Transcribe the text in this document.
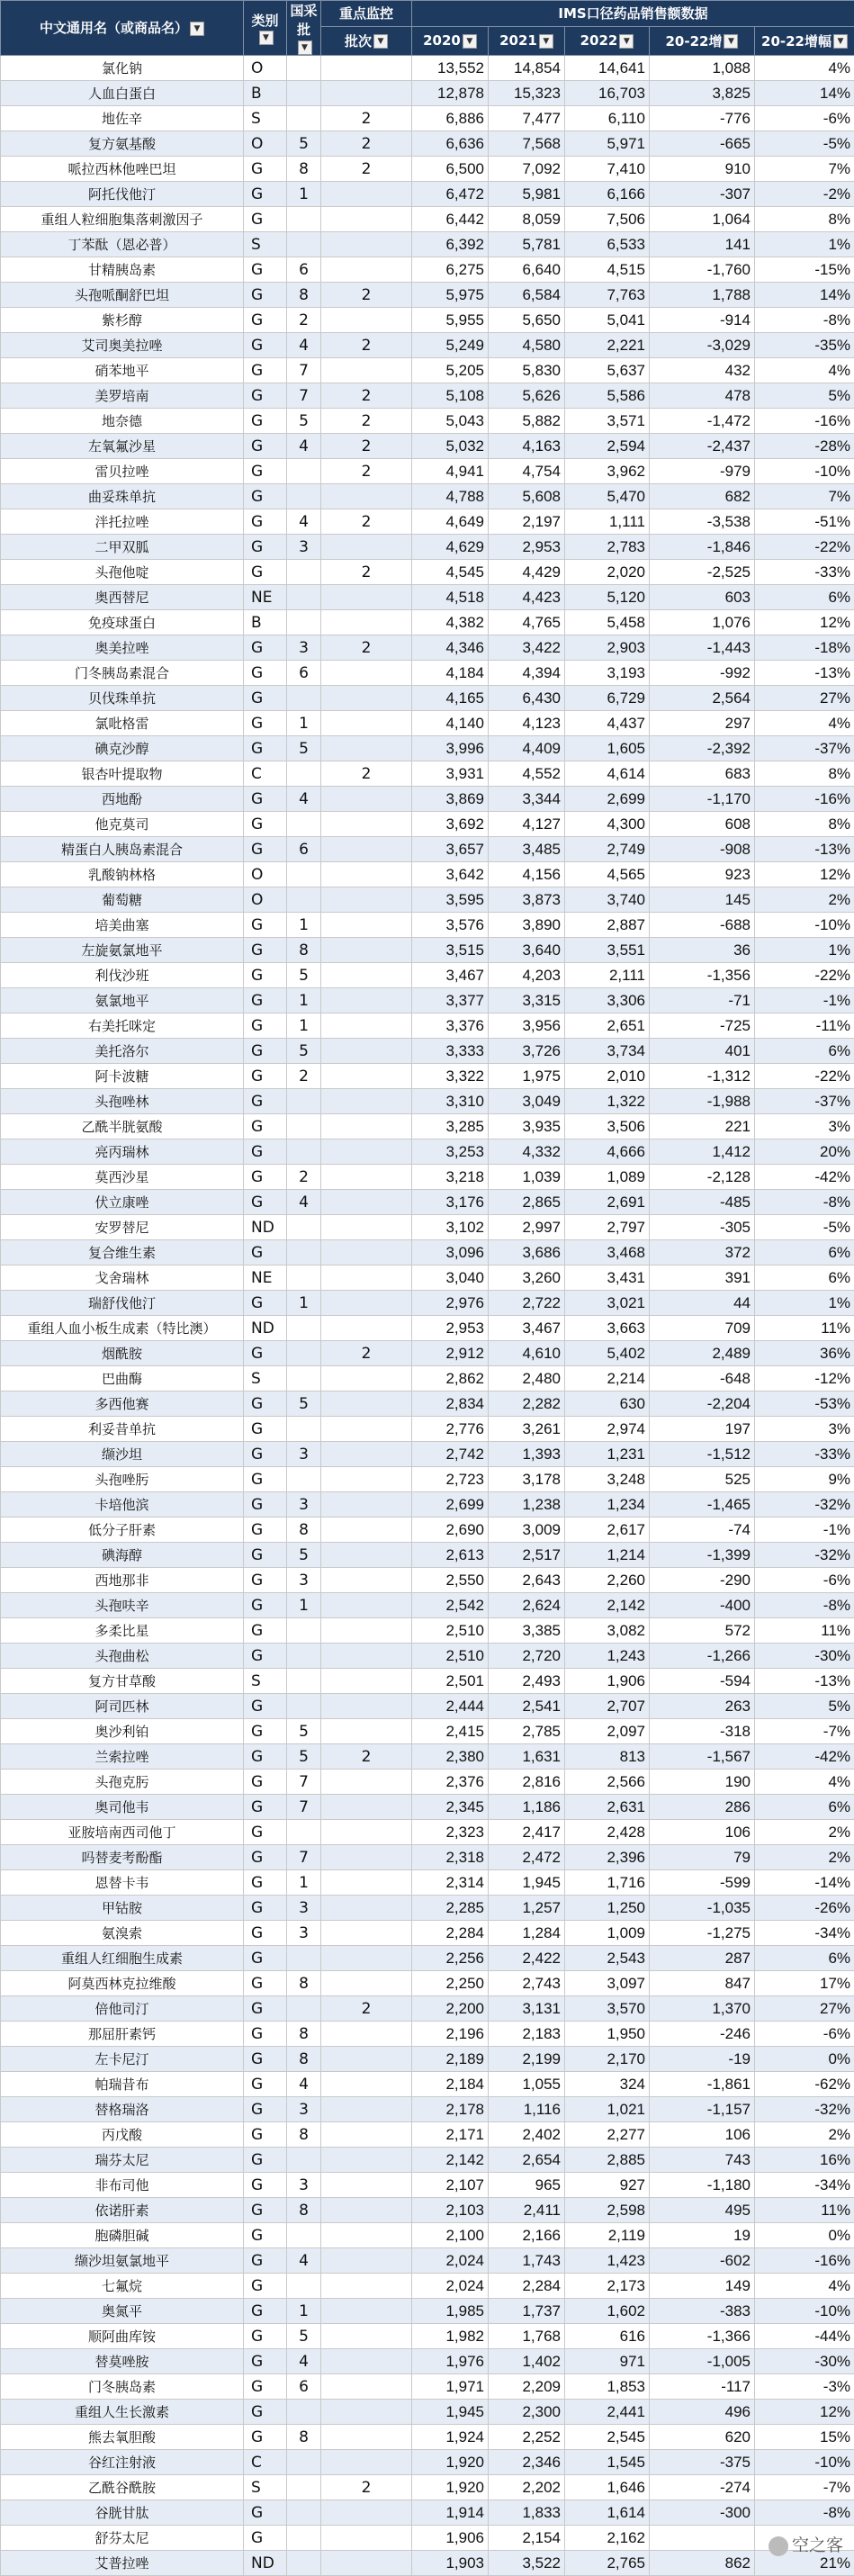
中文通用名（或商品名） ▼	类别▼	国采批▼	重点监控	IMS口径药品销售额数据				
			批次 ▼	2020 ▼	2021 ▼	2022 ▼	20-22增 ▼	20-22增幅 ▼
氯化钠	O			13,552	14,854	14,641	1,088	4%
人血白蛋白	B			12,878	15,323	16,703	3,825	14%
地佐辛	S		2	6,886	7,477	6,110	-776	-6%
复方氨基酸	O	5	2	6,636	7,568	5,971	-665	-5%
哌拉西林他唑巴坦	G	8	2	6,500	7,092	7,410	910	7%
阿托伐他汀	G	1		6,472	5,981	6,166	-307	-2%
重组人粒细胞集落刺激因子	G			6,442	8,059	7,506	1,064	8%
丁苯酞（恩必普）	S			6,392	5,781	6,533	141	1%
甘精胰岛素	G	6		6,275	6,640	4,515	-1,760	-15%
头孢哌酮舒巴坦	G	8	2	5,975	6,584	7,763	1,788	14%
紫杉醇	G	2		5,955	5,650	5,041	-914	-8%
艾司奥美拉唑	G	4	2	5,249	4,580	2,221	-3,029	-35%
硝苯地平	G	7		5,205	5,830	5,637	432	4%
美罗培南	G	7	2	5,108	5,626	5,586	478	5%
地奈德	G	5	2	5,043	5,882	3,571	-1,472	-16%
左氧氟沙星	G	4	2	5,032	4,163	2,594	-2,437	-28%
雷贝拉唑	G		2	4,941	4,754	3,962	-979	-10%
曲妥珠单抗	G			4,788	5,608	5,470	682	7%
泮托拉唑	G	4	2	4,649	2,197	1,111	-3,538	-51%
二甲双胍	G	3		4,629	2,953	2,783	-1,846	-22%
头孢他啶	G		2	4,545	4,429	2,020	-2,525	-33%
奥西替尼	NE			4,518	4,423	5,120	603	6%
免疫球蛋白	B			4,382	4,765	5,458	1,076	12%
奥美拉唑	G	3	2	4,346	3,422	2,903	-1,443	-18%
门冬胰岛素混合	G	6		4,184	4,394	3,193	-992	-13%
贝伐珠单抗	G			4,165	6,430	6,729	2,564	27%
氯吡格雷	G	1		4,140	4,123	4,437	297	4%
碘克沙醇	G	5		3,996	4,409	1,605	-2,392	-37%
银杏叶提取物	C		2	3,931	4,552	4,614	683	8%
西地酚	G	4		3,869	3,344	2,699	-1,170	-16%
他克莫司	G			3,692	4,127	4,300	608	8%
精蛋白人胰岛素混合	G	6		3,657	3,485	2,749	-908	-13%
乳酸钠林格	O			3,642	4,156	4,565	923	12%
葡萄糖	O			3,595	3,873	3,740	145	2%
培美曲塞	G	1		3,576	3,890	2,887	-688	-10%
左旋氨氯地平	G	8		3,515	3,640	3,551	36	1%
利伐沙班	G	5		3,467	4,203	2,111	-1,356	-22%
氨氯地平	G	1		3,377	3,315	3,306	-71	-1%
右美托咪定	G	1		3,376	3,956	2,651	-725	-11%
美托洛尔	G	5		3,333	3,726	3,734	401	6%
阿卡波糖	G	2		3,322	1,975	2,010	-1,312	-22%
头孢唑林	G			3,310	3,049	1,322	-1,988	-37%
乙酰半胱氨酸	G			3,285	3,935	3,506	221	3%
亮丙瑞林	G			3,253	4,332	4,666	1,412	20%
莫西沙星	G	2		3,218	1,039	1,089	-2,128	-42%
伏立康唑	G	4		3,176	2,865	2,691	-485	-8%
安罗替尼	ND			3,102	2,997	2,797	-305	-5%
复合维生素	G			3,096	3,686	3,468	372	6%
戈舍瑞林	NE			3,040	3,260	3,431	391	6%
瑞舒伐他汀	G	1		2,976	2,722	3,021	44	1%
重组人血小板生成素（特比澳）	ND			2,953	3,467	3,663	709	11%
烟酰胺	G		2	2,912	4,610	5,402	2,489	36%
巴曲酶	S			2,862	2,480	2,214	-648	-12%
多西他赛	G	5		2,834	2,282	630	-2,204	-53%
利妥昔单抗	G			2,776	3,261	2,974	197	3%
缬沙坦	G	3		2,742	1,393	1,231	-1,512	-33%
头孢唑肟	G			2,723	3,178	3,248	525	9%
卡培他滨	G	3		2,699	1,238	1,234	-1,465	-32%
低分子肝素	G	8		2,690	3,009	2,617	-74	-1%
碘海醇	G	5		2,613	2,517	1,214	-1,399	-32%
西地那非	G	3		2,550	2,643	2,260	-290	-6%
头孢呋辛	G	1		2,542	2,624	2,142	-400	-8%
多柔比星	G			2,510	3,385	3,082	572	11%
头孢曲松	G			2,510	2,720	1,243	-1,266	-30%
复方甘草酸	S			2,501	2,493	1,906	-594	-13%
阿司匹林	G			2,444	2,541	2,707	263	5%
奥沙利铂	G	5		2,415	2,785	2,097	-318	-7%
兰索拉唑	G	5	2	2,380	1,631	813	-1,567	-42%
头孢克肟	G	7		2,376	2,816	2,566	190	4%
奥司他韦	G	7		2,345	1,186	2,631	286	6%
亚胺培南西司他丁	G			2,323	2,417	2,428	106	2%
吗替麦考酚酯	G	7		2,318	2,472	2,396	79	2%
恩替卡韦	G	1		2,314	1,945	1,716	-599	-14%
甲钴胺	G	3		2,285	1,257	1,250	-1,035	-26%
氨溴索	G	3		2,284	1,284	1,009	-1,275	-34%
重组人红细胞生成素	G			2,256	2,422	2,543	287	6%
阿莫西林克拉维酸	G	8		2,250	2,743	3,097	847	17%
倍他司汀	G		2	2,200	3,131	3,570	1,370	27%
那屈肝素钙	G	8		2,196	2,183	1,950	-246	-6%
左卡尼汀	G	8		2,189	2,199	2,170	-19	0%
帕瑞昔布	G	4		2,184	1,055	324	-1,861	-62%
替格瑞洛	G	3		2,178	1,116	1,021	-1,157	-32%
丙戊酸	G	8		2,171	2,402	2,277	106	2%
瑞芬太尼	G			2,142	2,654	2,885	743	16%
非布司他	G	3		2,107	965	927	-1,180	-34%
依诺肝素	G	8		2,103	2,411	2,598	495	11%
胞磷胆碱	G			2,100	2,166	2,119	19	0%
缬沙坦氨氯地平	G	4		2,024	1,743	1,423	-602	-16%
七氟烷	G			2,024	2,284	2,173	149	4%
奥氮平	G	1		1,985	1,737	1,602	-383	-10%
顺阿曲库铵	G	5		1,982	1,768	616	-1,366	-44%
替莫唑胺	G	4		1,976	1,402	971	-1,005	-30%
门冬胰岛素	G	6		1,971	2,209	1,853	-117	-3%
重组人生长激素	G			1,945	2,300	2,441	496	12%
熊去氧胆酸	G	8		1,924	2,252	2,545	620	15%
谷红注射液	C			1,920	2,346	1,545	-375	-10%
乙酰谷酰胺	S		2	1,920	2,202	1,646	-274	-7%
谷胱甘肽	G			1,914	1,833	1,614	-300	-8%
舒芬太尼	G			1,906	2,154	2,162		
艾普拉唑	ND			1,903	3,522	2,765	862	21%
空之客
